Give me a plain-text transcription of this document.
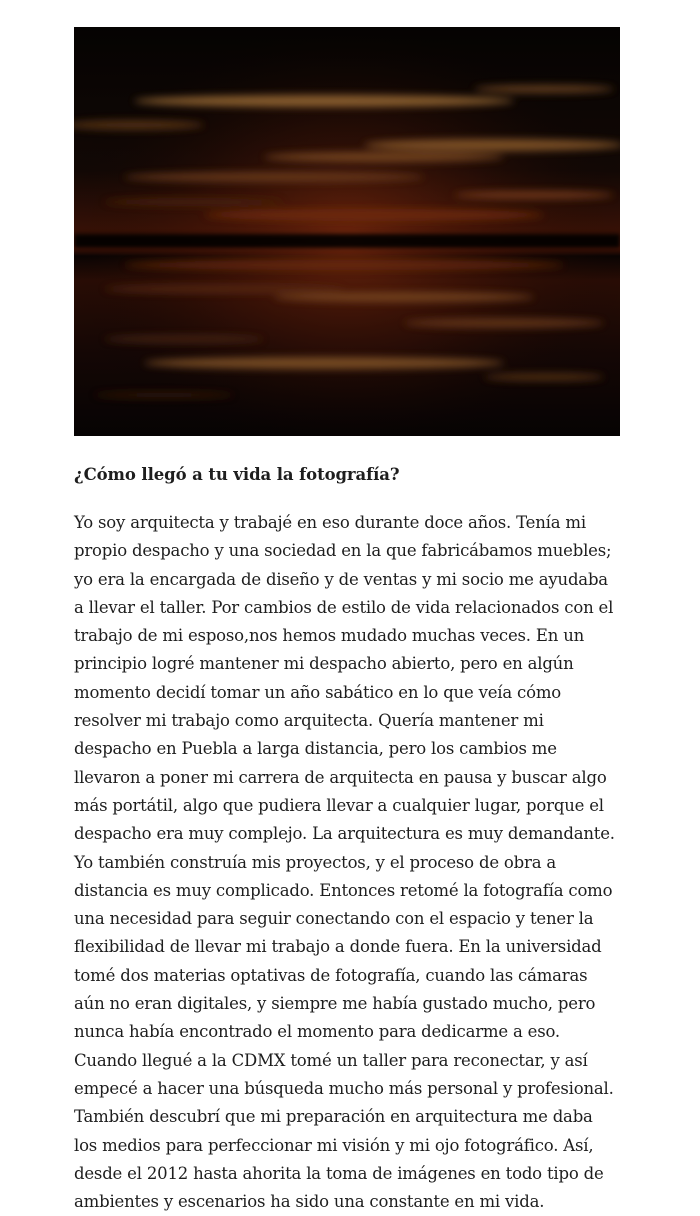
¿Cómo llegó a tu vida la fotografía?

Yo soy arquitecta y trabajé en eso durante doce años. Tenía mi propio despacho y una sociedad en la que fabricábamos muebles; yo era la encargada de diseño y de ventas y mi socio me ayudaba a llevar el taller. Por cambios de estilo de vida relacionados con el trabajo de mi esposo,nos hemos mudado muchas veces. En un principio logré mantener mi despacho abierto, pero en algún momento decidí tomar un año sabático en lo que veía cómo resolver mi trabajo como arquitecta. Quería mantener mi despacho en Puebla a larga distancia, pero los cambios me llevaron a poner mi carrera de arquitecta en pausa y buscar algo más portátil, algo que pudiera llevar a cualquier lugar, porque el despacho era muy complejo. La arquitectura es muy demandante. Yo también construía mis proyectos, y el proceso de obra a distancia es muy complicado. Entonces retomé la fotografía como una necesidad para seguir conectando con el espacio y tener la flexibilidad de llevar mi trabajo a donde fuera. En la universidad tomé dos materias optativas de fotografía, cuando las cámaras aún no eran digitales, y siempre me había gustado mucho, pero nunca había encontrado el momento para dedicarme a eso. Cuando llegué a la CDMX tomé un taller para reconectar, y así empecé a hacer una búsqueda mucho más personal y profesional. También descubrí que mi preparación en arquitectura me daba los medios para perfeccionar mi visión y mi ojo fotográfico. Así, desde el 2012 hasta ahorita la toma de imágenes en todo tipo de ambientes y escenarios ha sido una constante en mi vida.
